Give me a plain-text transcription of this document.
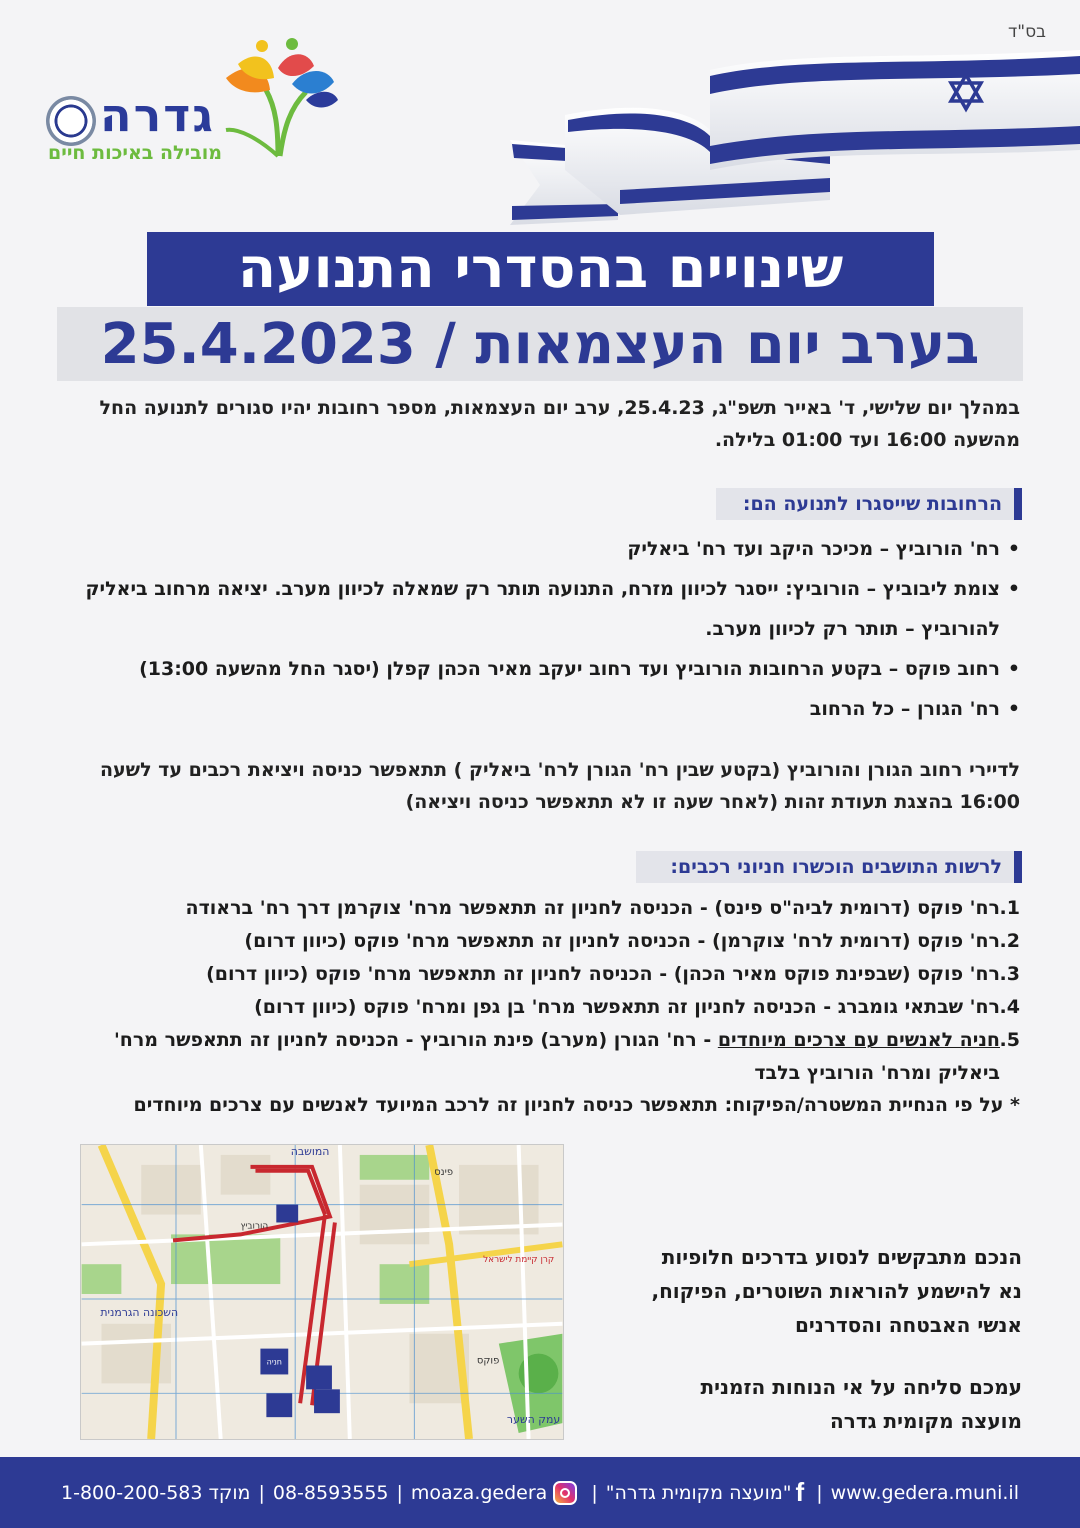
בס"ד
גדרה
מובילה באיכות חיים
שינויים בהסדרי התנועה
בערב יום העצמאות / 25.4.2023
במהלך יום שלישי, ד' באייר תשפ"ג, 25.4.23, ערב יום העצמאות, מספר רחובות יהיו סגורים לתנועה החל מהשעה 16:00 ועד 01:00 בלילה.
הרחובות שייסגרו לתנועה הם:
• רח' הורוביץ – מכיכר היקב ועד רח' ביאליק
• צומת ליבוביץ – הורוביץ: ייסגר לכיוון מזרח, התנועה תותר רק שמאלה לכיוון מערב. יציאה מרחוב ביאליק להורוביץ – תותר רק לכיוון מערב.
• רחוב פוקס – בקטע הרחובות הורוביץ ועד רחוב יעקב מאיר הכהן קפלן (יסגר החל מהשעה 13:00)
• רח' הגורן – כל הרחוב
לדיירי רחוב הגורן והורוביץ (בקטע שבין רח' הגורן לרח' ביאליק ) תתאפשר כניסה ויציאת רכבים עד לשעה 16:00 בהצגת תעודת זהות (לאחר שעה זו לא תתאפשר כניסה ויציאה)
לרשות התושבים הוכשרו חניוני רכבים:
1.
רח' פוקס (דרומית לביה"ס פינס) - הכניסה לחניון זה תתאפשר מרח' צוקרמן דרך רח' בראודה
2.
רח' פוקס (דרומית לרח' צוקרמן) - הכניסה לחניון זה תתאפשר מרח' פוקס (כיוון דרום)
3.
רח' פוקס (שבפינת פוקס מאיר הכהן) - הכניסה לחניון זה תתאפשר מרח' פוקס (כיוון דרום)
4.
רח' שבתאי גומברג - הכניסה לחניון זה תתאפשר מרח' בן גפן ומרח' פוקס (כיוון דרום)
5.
חניה לאנשים עם צרכים מיוחדים - רח' הגורן (מערב) פינת הורוביץ - הכניסה לחניון זה תתאפשר מרח' ביאליק ומרח' הורוביץ בלבד
* על פי הנחיית המשטרה/הפיקוח: תתאפשר כניסה לחניון זה לרכב המיועד לאנשים עם צרכים מיוחדים
המושבה
השכונה הגרמנית
עמק השער
קרן קיימת לישראל
פוקס
פינס
הורוביץ
חניה
הנכם מתבקשים לנסוע בדרכים חלופיות
נא להישמע להוראות השוטרים, הפיקוח,
אנשי האבטחה והסדרנים
עמכם סליחה על אי הנוחות הזמנית
מועצה מקומית גדרה
1-800-200-583 מוקד | 08-8593555 | moaza.gedera | "מועצה מקומית גדרה" f | www.gedera.muni.il
